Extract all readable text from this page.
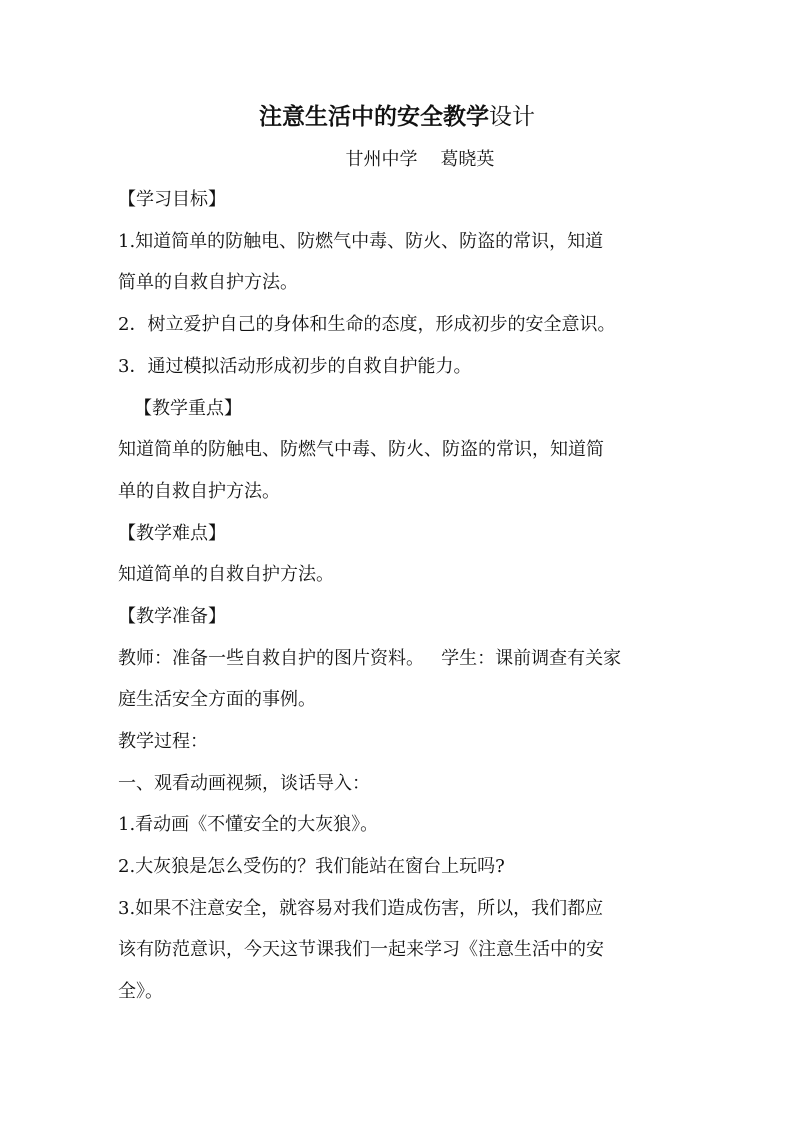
注意生活中的安全教学设计
甘州中学    葛晓英
【学习目标】
1.知道简单的防触电、防燃气中毒、防火、防盗的常识，知道
简单的自救自护方法。
2．树立爱护自己的身体和生命的态度，形成初步的安全意识。
3．通过模拟活动形成初步的自救自护能力。
【教学重点】
知道简单的防触电、防燃气中毒、防火、防盗的常识，知道简
单的自救自护方法。
【教学难点】
知道简单的自救自护方法。
【教学准备】
教师：准备一些自救自护的图片资料。   学生：课前调查有关家
庭生活安全方面的事例。
教学过程：
一、观看动画视频，谈话导入：
1.看动画《不懂安全的大灰狼》。
2.大灰狼是怎么受伤的？我们能站在窗台上玩吗?
3.如果不注意安全，就容易对我们造成伤害，所以，我们都应
该有防范意识，今天这节课我们一起来学习《注意生活中的安
全》。
